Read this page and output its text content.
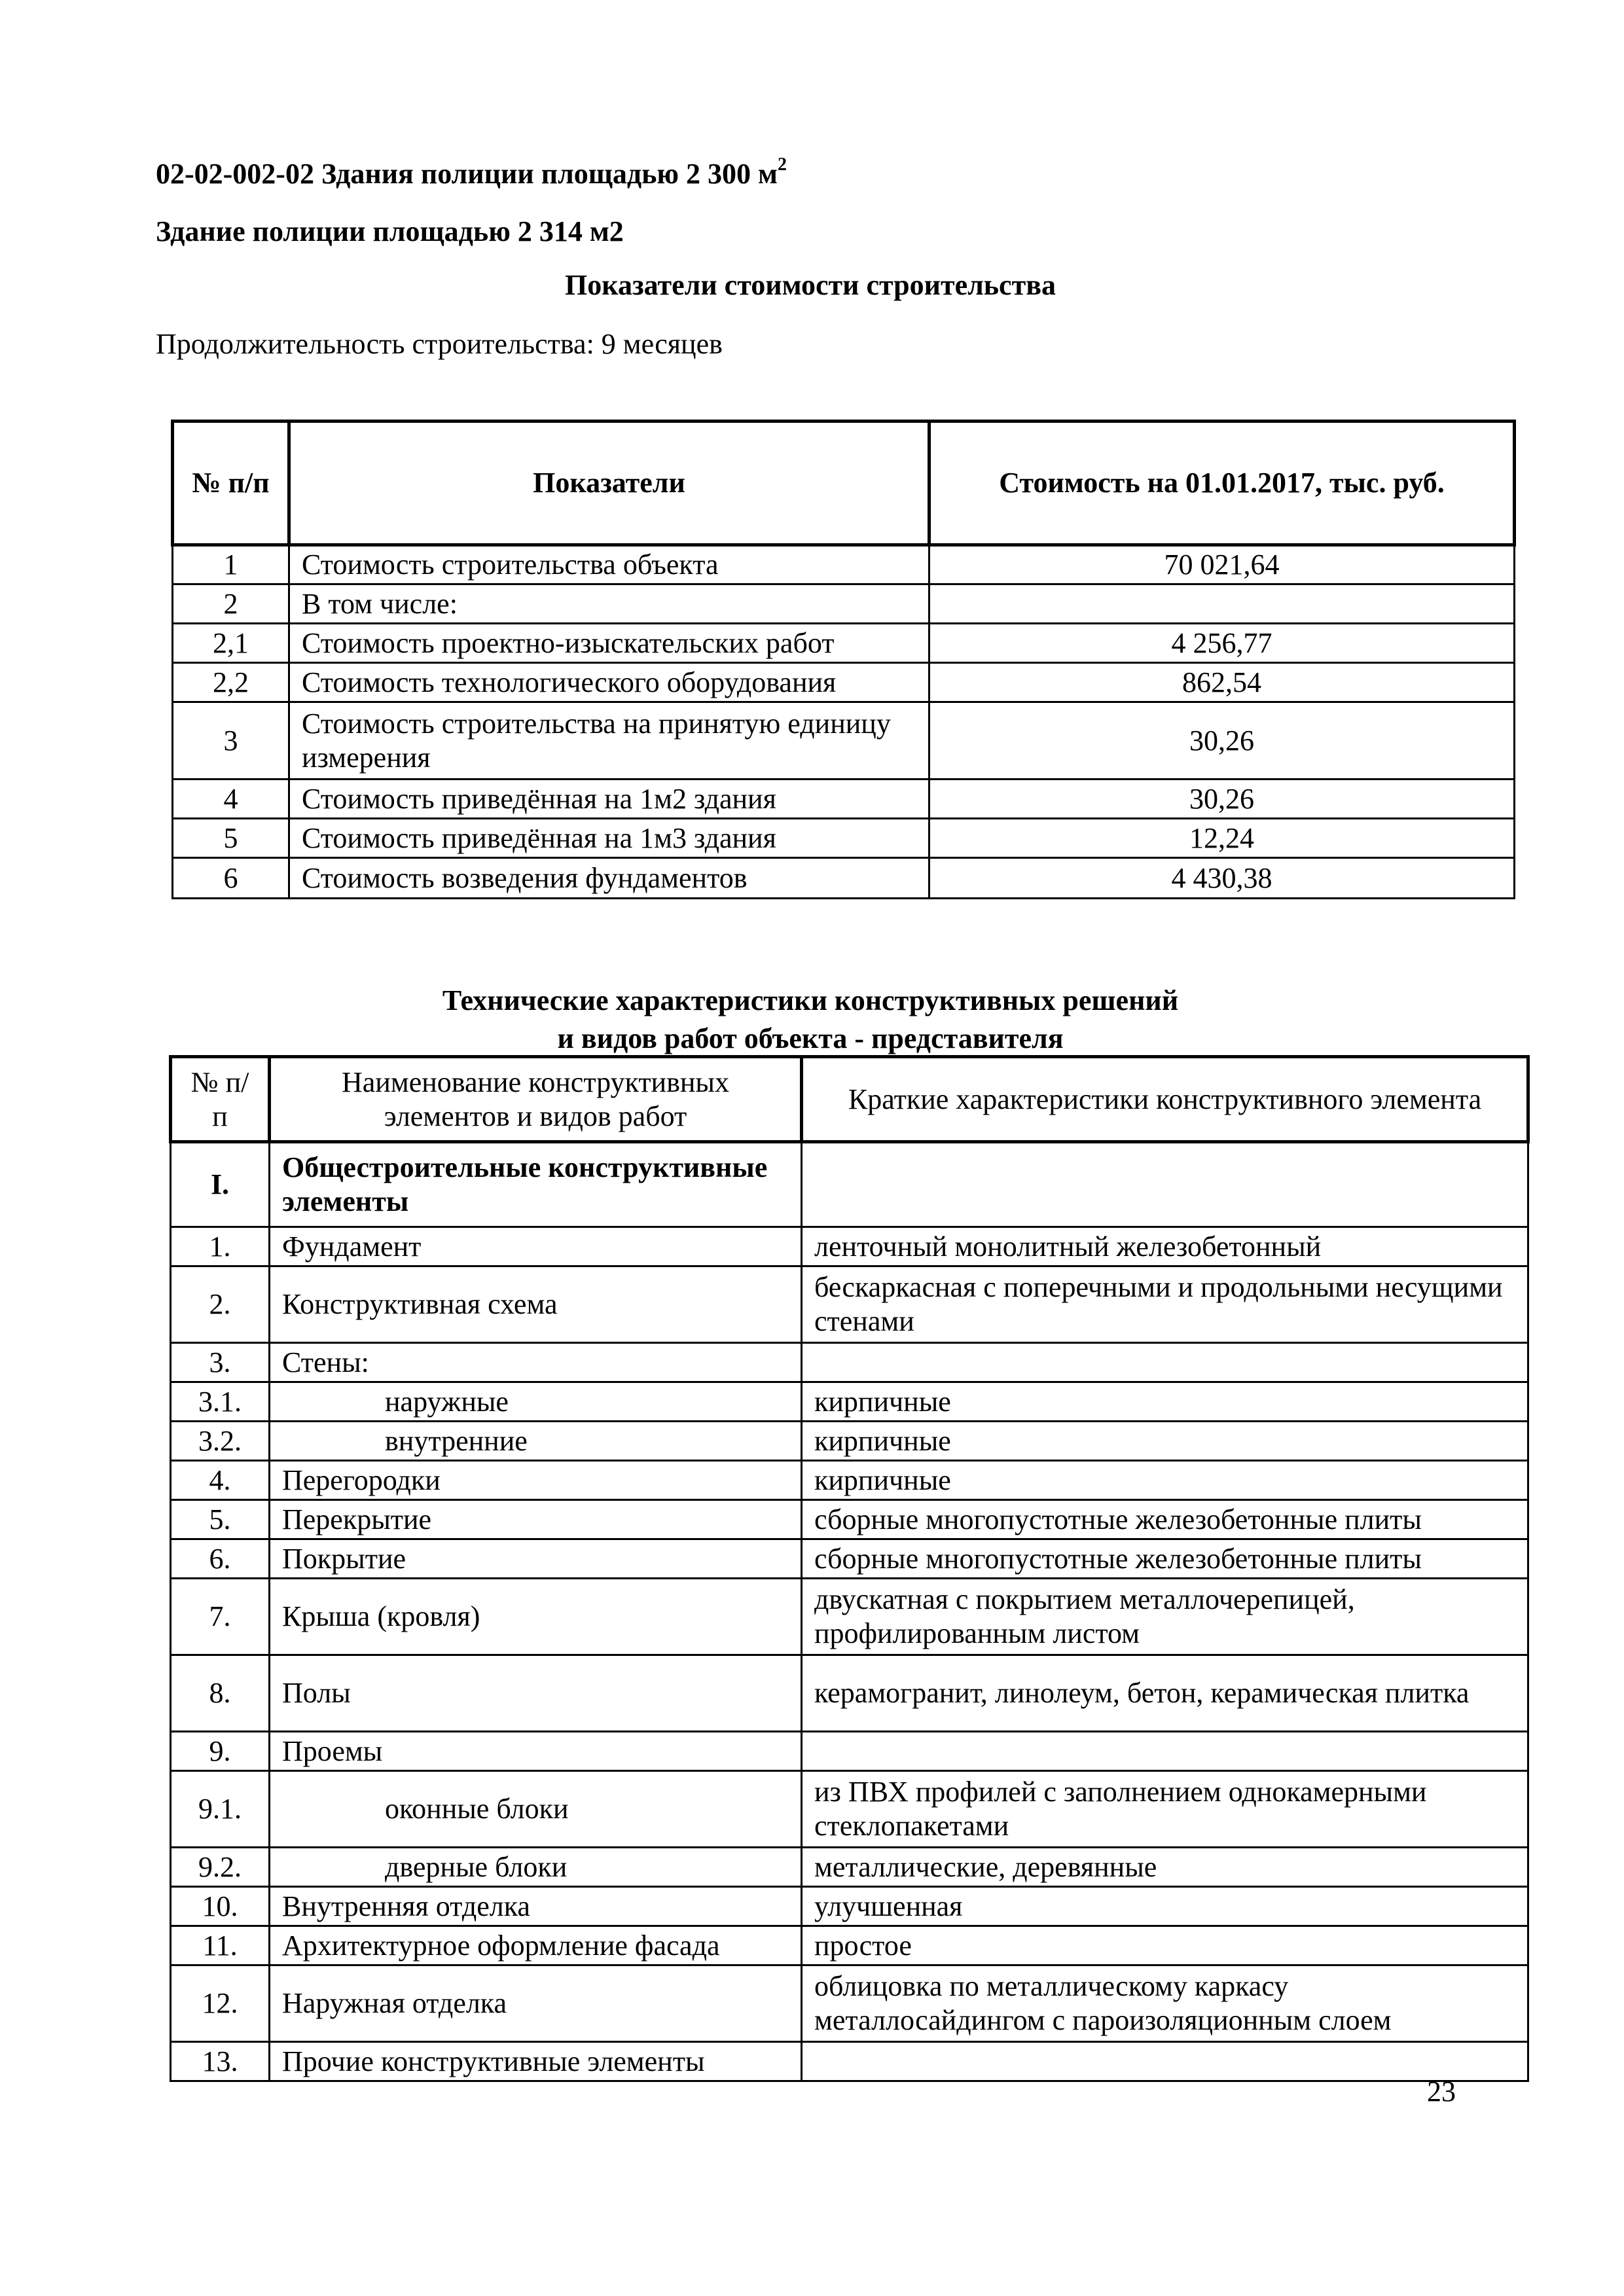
02-02-002-02 Здания полиции площадью 2 300 $м^2$
Здание полиции площадью 2 314 м2
Показатели стоимости строительства
Продолжительность строительства: 9 месяцев
№ п/п	Показатели	Стоимость на 01.01.2017, тыс. руб.
1	Стоимость строительства объекта	70 021,64
2	В том числе:	
2,1	Стоимость проектно-изыскательских работ	4 256,77
2,2	Стоимость технологического оборудования	862,54
3	Стоимость строительства на принятую единицу измерения	30,26
4	Стоимость приведённая на 1м2 здания	30,26
5	Стоимость приведённая на 1м3 здания	12,24
6	Стоимость возведения фундаментов	4 430,38
Технические характеристики конструктивных решений
и видов работ объекта - представителя
№ п/п	Наименование конструктивных элементов и видов работ	Краткие характеристики конструктивного элемента
I.	Общестроительные конструктивные элементы	
1.	Фундамент	ленточный монолитный железобетонный
2.	Конструктивная схема	бескаркасная с поперечными и продольными несущими стенами
3.	Стены:	
3.1.	наружные	кирпичные
3.2.	внутренние	кирпичные
4.	Перегородки	кирпичные
5.	Перекрытие	сборные многопустотные железобетонные плиты
6.	Покрытие	сборные многопустотные железобетонные плиты
7.	Крыша (кровля)	двускатная с покрытием металлочерепицей, профилированным листом
8.	Полы	керамогранит, линолеум, бетон, керамическая плитка
9.	Проемы	
9.1.	оконные блоки	из ПВХ профилей с заполнением однокамерными стеклопакетами
9.2.	дверные блоки	металлические, деревянные
10.	Внутренняя отделка	улучшенная
11.	Архитектурное оформление фасада	простое
12.	Наружная отделка	облицовка по металлическому каркасу металлосайдингом с пароизоляционным слоем
13.	Прочие конструктивные элементы	
23
